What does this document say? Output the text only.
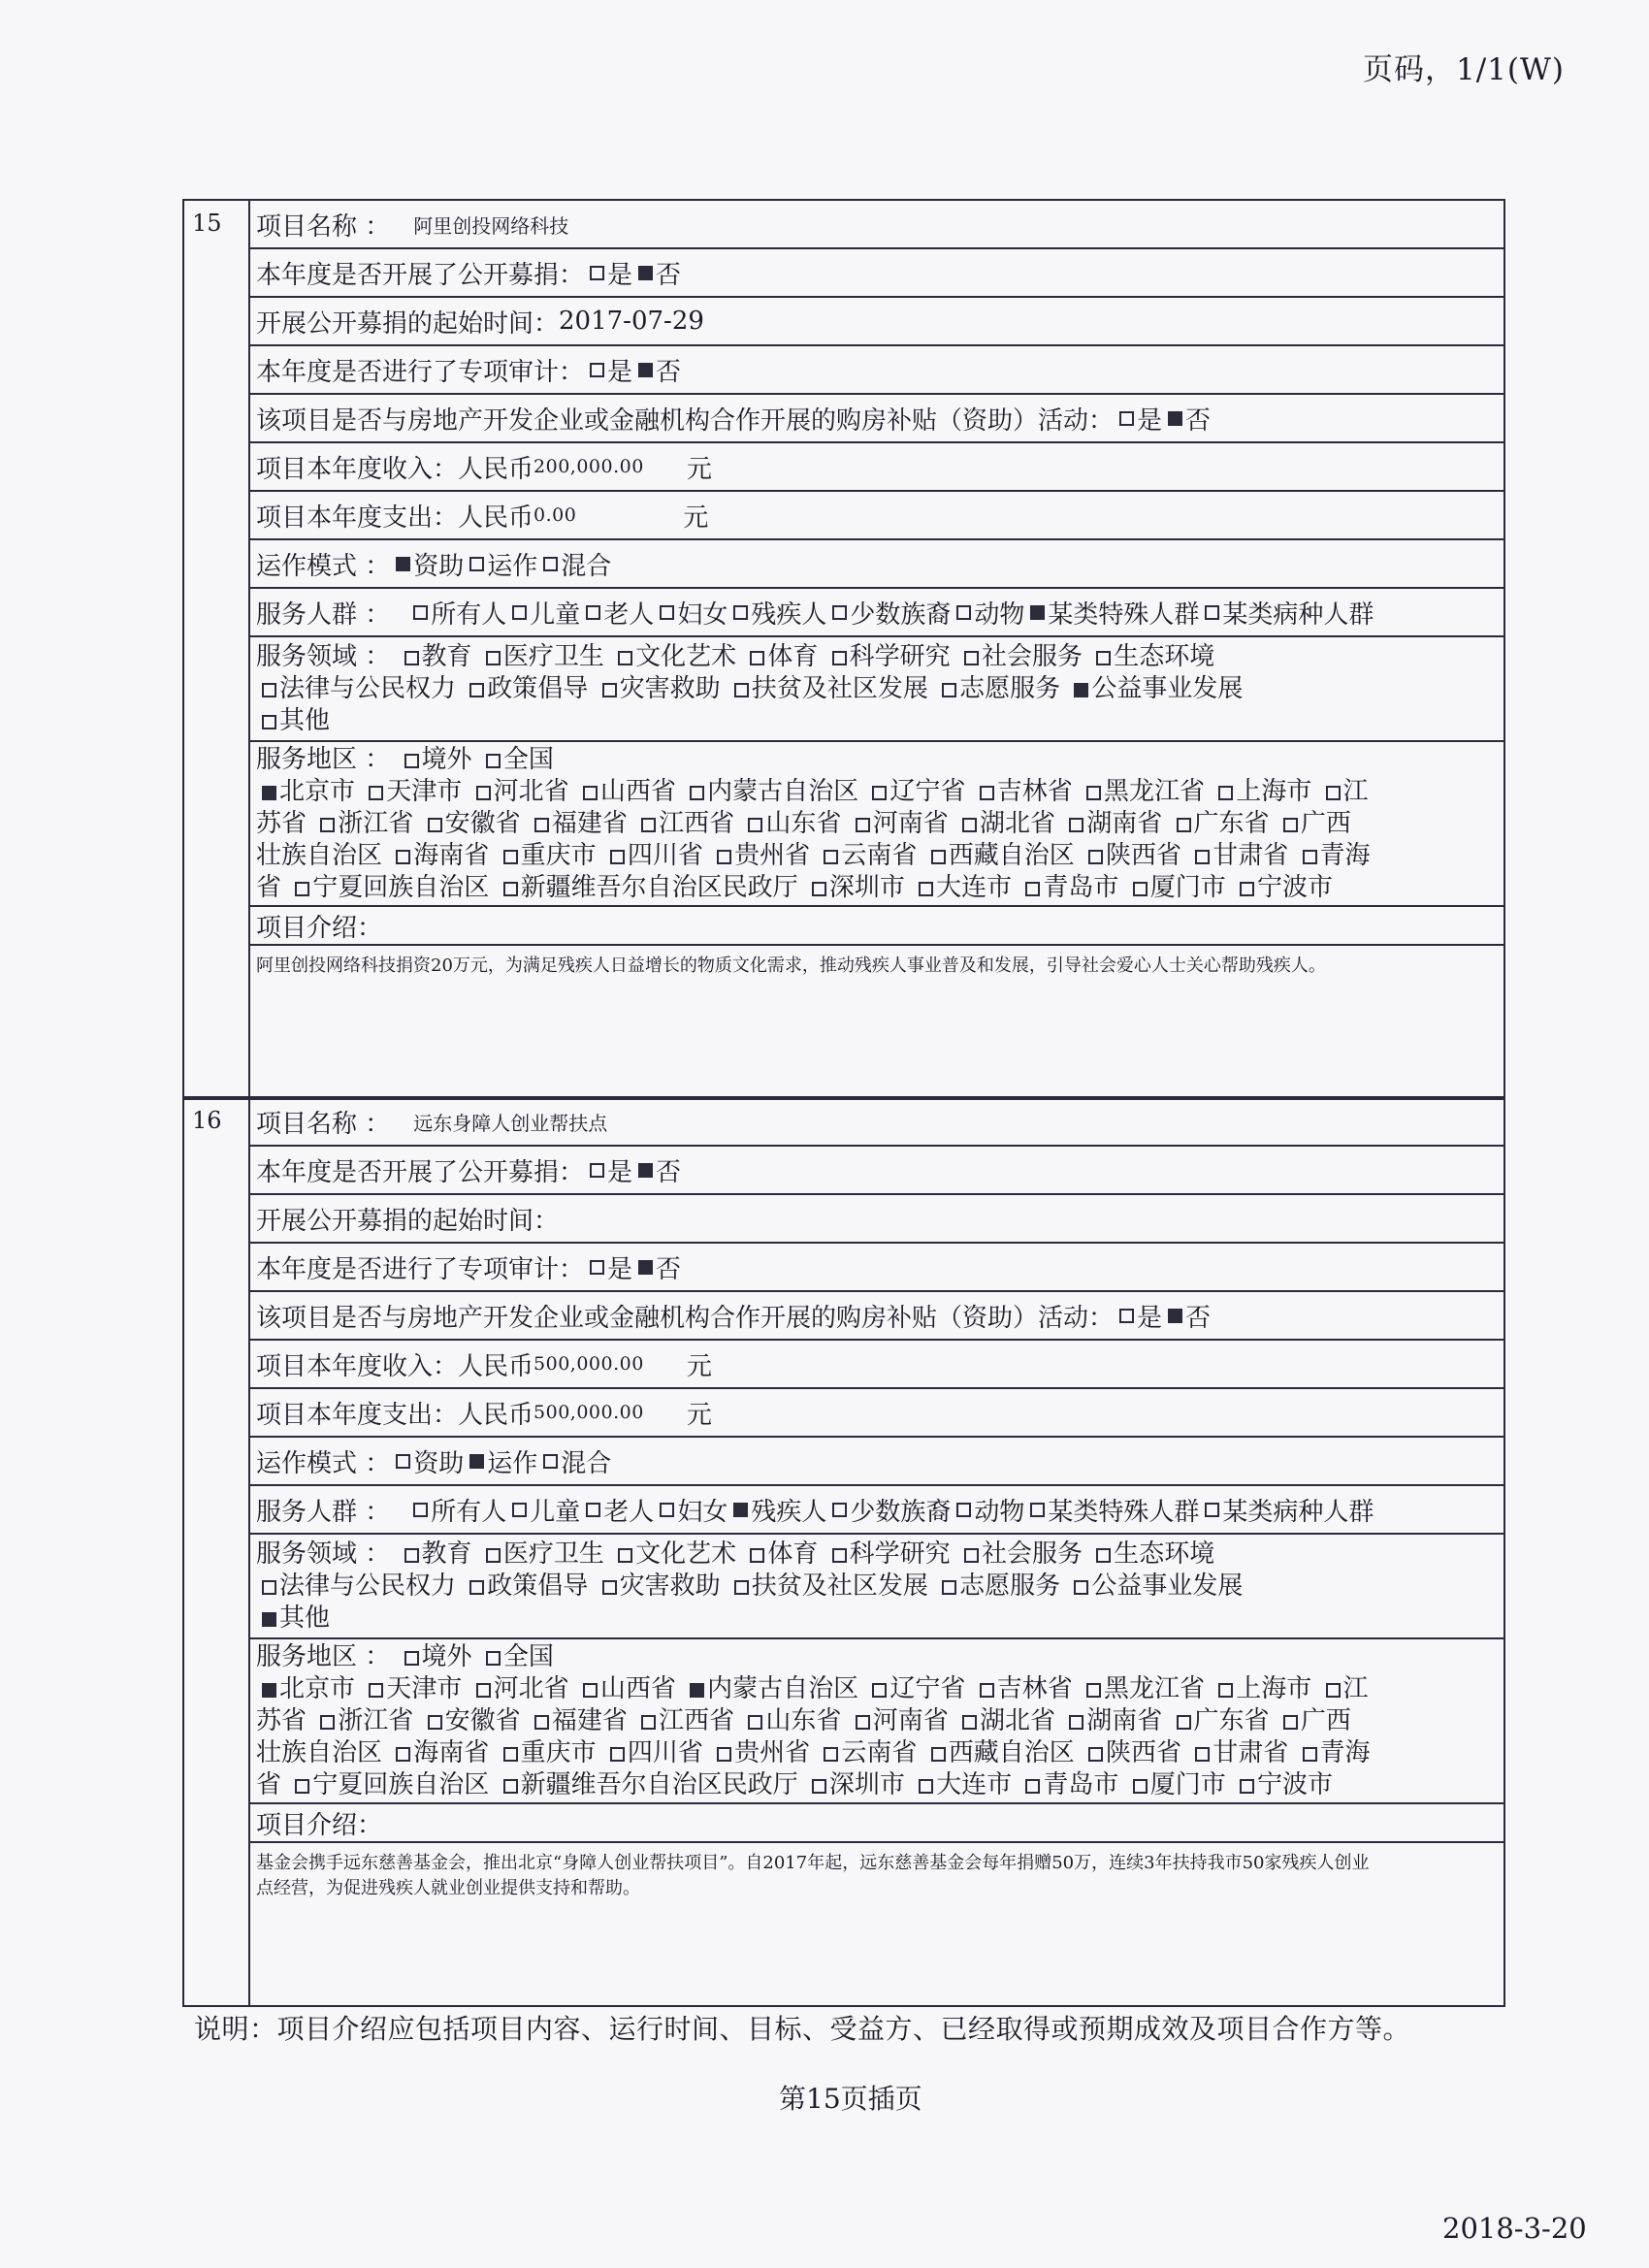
页码，1/1(W)
15	项目名称 ： 阿里创投网络科技
本年度是否开展了公开募捐： 是 否
开展公开募捐的起始时间： 2017-07-29
本年度是否进行了专项审计： 是 否
该项目是否与房地产开发企业或金融机构合作开展的购房补贴（资助）活动： 是 否
项目本年度收入：人民币 200,000.00 元
项目本年度支出：人民币 0.00	元
运作模式 ： 资助 运作 混合
服务人群 ： 所有人 儿童 老人 妇女 残疾人 少数族裔 动物 某类特殊人群 某类病种人群
服务领域 ： 教育 医疗卫生 文化艺术 体育 科学研究 社会服务 生态环境
法律与公民权力 政策倡导 灾害救助 扶贫及社区发展 志愿服务 公益事业发展
其他
服务地区 ： 境外 全国
北京市 天津市 河北省 山西省 内蒙古自治区 辽宁省 吉林省 黑龙江省 上海市 江
苏省 浙江省 安徽省 福建省 江西省 山东省 河南省 湖北省 湖南省 广东省 广西
壮族自治区 海南省 重庆市 四川省 贵州省 云南省 西藏自治区 陕西省 甘肃省 青海
省 宁夏回族自治区 新疆维吾尔自治区民政厅 深圳市 大连市 青岛市 厦门市 宁波市
项目介绍：
阿里创投网络科技捐资20万元，为满足残疾人日益增长的物质文化需求，推动残疾人事业普及和发展，引导社会爱心人士关心帮助残疾人。
16	项目名称 ： 远东身障人创业帮扶点
本年度是否开展了公开募捐： 是 否
开展公开募捐的起始时间：
本年度是否进行了专项审计： 是 否
该项目是否与房地产开发企业或金融机构合作开展的购房补贴（资助）活动： 是 否
项目本年度收入：人民币 500,000.00 元
项目本年度支出：人民币 500,000.00 元
运作模式 ： 资助 运作 混合
服务人群 ： 所有人 儿童 老人 妇女 残疾人 少数族裔 动物 某类特殊人群 某类病种人群
服务领域 ： 教育 医疗卫生 文化艺术 体育 科学研究 社会服务 生态环境
法律与公民权力 政策倡导 灾害救助 扶贫及社区发展 志愿服务 公益事业发展
其他
服务地区 ： 境外 全国
北京市 天津市 河北省 山西省 内蒙古自治区 辽宁省 吉林省 黑龙江省 上海市 江
苏省 浙江省 安徽省 福建省 江西省 山东省 河南省 湖北省 湖南省 广东省 广西
壮族自治区 海南省 重庆市 四川省 贵州省 云南省 西藏自治区 陕西省 甘肃省 青海
省 宁夏回族自治区 新疆维吾尔自治区民政厅 深圳市 大连市 青岛市 厦门市 宁波市
项目介绍：
基金会携手远东慈善基金会，推出北京“身障人创业帮扶项目”。自2017年起，远东慈善基金会每年捐赠50万，连续3年扶持我市50家残疾人创业点经营，为促进残疾人就业创业提供支持和帮助。
说明：项目介绍应包括项目内容、运行时间、目标、受益方、已经取得或预期成效及项目合作方等。
第15页插页
2018-3-20
